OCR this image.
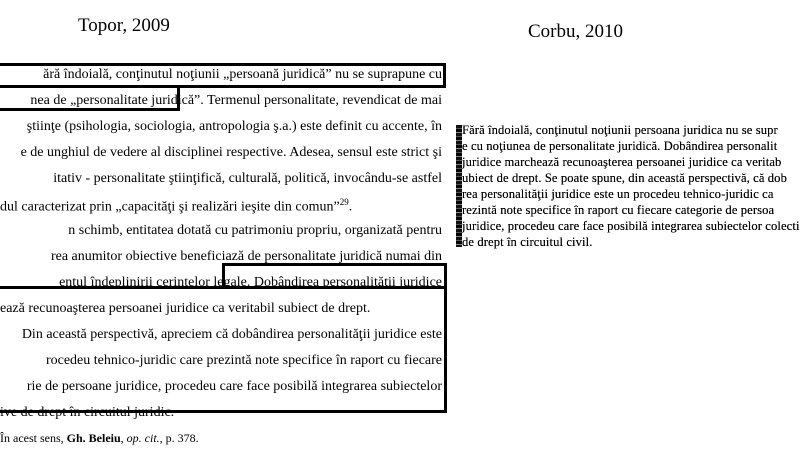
Topor, 2009	Corbu, 2010
ără îndoială, conţinutul noţiunii „persoană juridică” nu se suprapune cu
nea de „personalitate juridică”. Termenul personalitate, revendicat de mai
ştiinţe (psihologia, sociologia, antropologia ş.a.) este definit cu accente, în
e de unghiul de vedere al disciplinei respective. Adesea, sensul este strict şi
itativ - personalitate ştiinţifică, culturală, politică, invocându-se astfel
dul caracterizat prin „capacităţi şi realizări ieşite din comun”$^{29}$.
n schimb, entitatea dotată cu patrimoniu propriu, organizată pentru
rea anumitor obiective beneficiază de personalitate juridică numai din
entul îndeplinirii cerinţelor legale. Dobândirea personalităţii juridice
ează recunoaşterea persoanei juridice ca veritabil subiect de drept.
Din această perspectivă, apreciem că dobândirea personalităţii juridice este
rocedeu tehnico-juridic care prezintă note specifice în raport cu fiecare
rie de persoane juridice, procedeu care face posibilă integrarea subiectelor
ive de drept în circuitul juridic.
În acest sens, Gh. Beleiu, op. cit., p. 378.
Fără îndoială, conţinutul noţiunii persoana juridica nu se supr
e cu noţiunea de personalitate juridică. Dobândirea personalit
juridice marchează recunoaşterea persoanei juridice ca veritab
ubiect de drept. Se poate spune, din această perspectivă, că dob
rea personalităţii juridice este un procedeu tehnico-juridic ca
rezintă note specifice în raport cu fiecare categorie de persoa
juridice, procedeu care face posibilă integrarea subiectelor colecti
de drept în circuitul civil.
